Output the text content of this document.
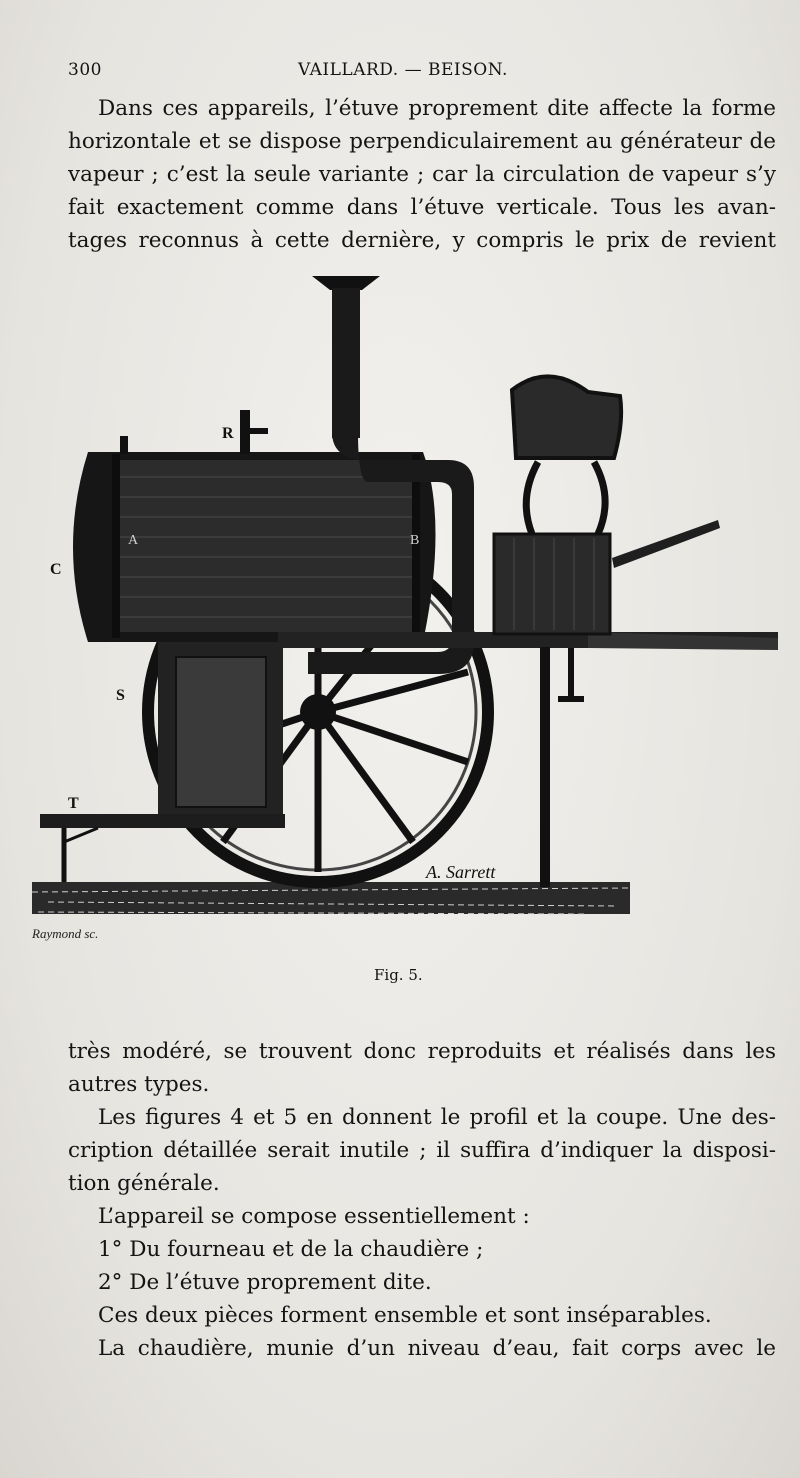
300	VAILLARD. — BEISON.

Dans ces appareils, l’étuve proprement dite affecte la forme
horizontale et se dispose perpendiculairement au générateur de
vapeur ; c’est la seule variante ; car la circulation de vapeur s’y
fait exactement comme dans l’étuve verticale. Tous les avan-
tages reconnus à cette dernière, y compris le prix de revient

R
C
S
T
A	B
Raymond sc.
A. Sarrett
Fig. 5.

très modéré, se trouvent donc reproduits et réalisés dans les
autres types.
Les figures 4 et 5 en donnent le profil et la coupe. Une des-
cription détaillée serait inutile ; il suffira d’indiquer la disposi-
tion générale.
L’appareil se compose essentiellement :
1° Du fourneau et de la chaudière ;
2° De l’étuve proprement dite.
Ces deux pièces forment ensemble et sont inséparables.
La chaudière, munie d’un niveau d’eau, fait corps avec le
